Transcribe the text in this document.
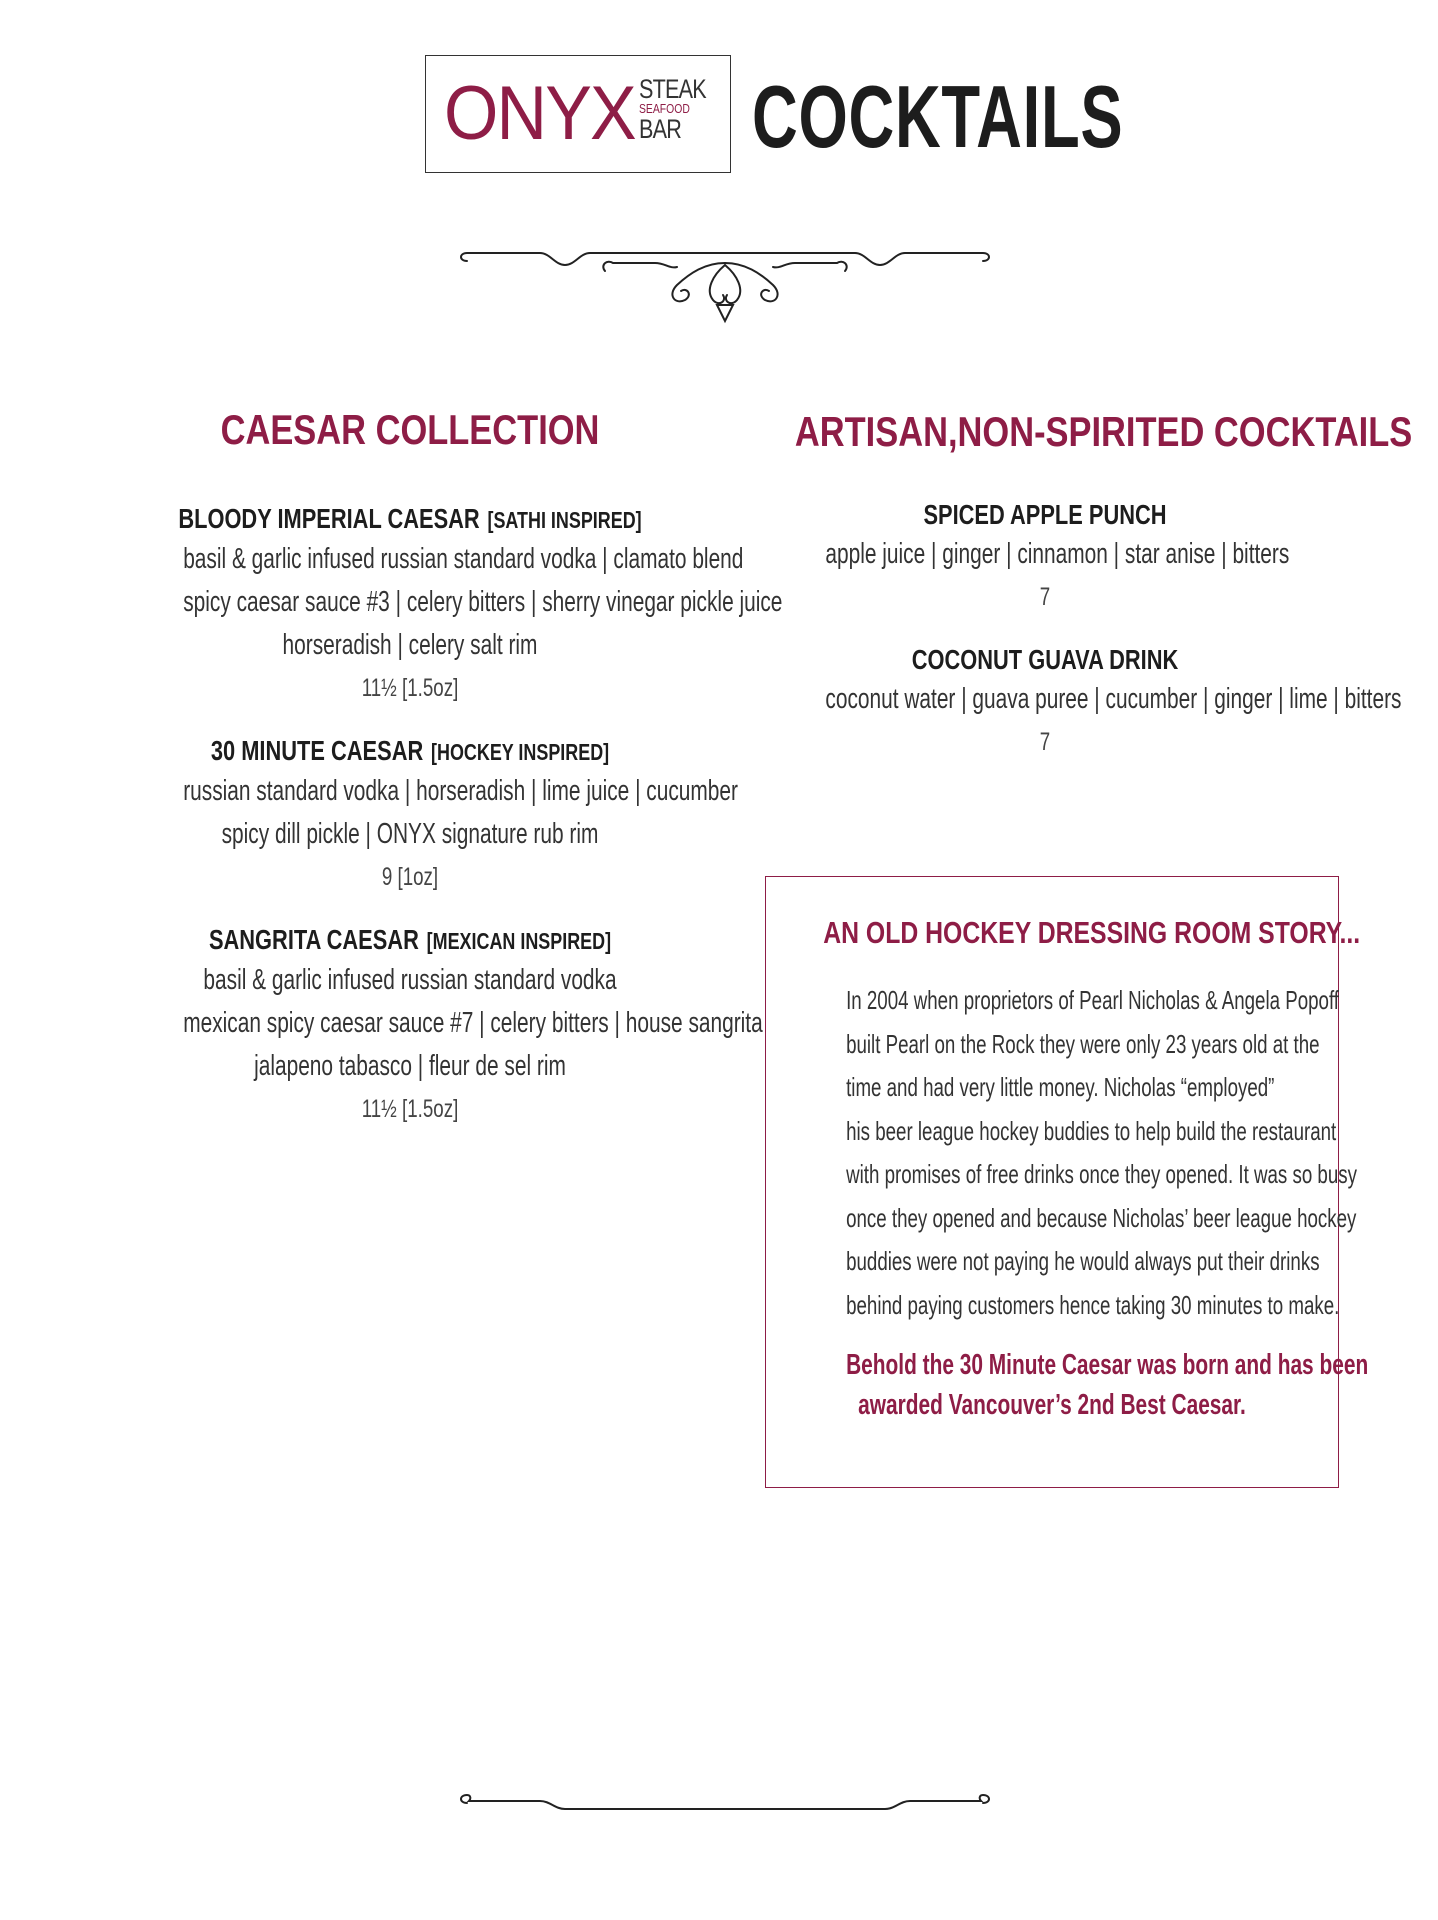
ONYX STEAK
SEAFOOD
BAR COCKTAILS
CAESAR COLLECTION
BLOODY IMPERIAL CAESAR [SATHI INSPIRED]
basil & garlic infused russian standard vodka | clamato blend
spicy caesar sauce #3 | celery bitters | sherry vinegar pickle juice
horseradish | celery salt rim
11½ [1.5oz]
30 MINUTE CAESAR [HOCKEY INSPIRED]
russian standard vodka | horseradish | lime juice | cucumber
spicy dill pickle | ONYX signature rub rim
9 [1oz]
SANGRITA CAESAR [MEXICAN INSPIRED]
basil & garlic infused russian standard vodka
mexican spicy caesar sauce #7 | celery bitters | house sangrita
jalapeno tabasco | fleur de sel rim
11½ [1.5oz]
ARTISAN,NON-SPIRITED COCKTAILS
SPICED APPLE PUNCH
apple juice | ginger | cinnamon | star anise | bitters
7
COCONUT GUAVA DRINK
coconut water | guava puree | cucumber | ginger | lime | bitters
7
AN OLD HOCKEY DRESSING ROOM STORY...
In 2004 when proprietors of Pearl Nicholas & Angela Popoff
built Pearl on the Rock they were only 23 years old at the
time and had very little money. Nicholas “employed”
his beer league hockey buddies to help build the restaurant
with promises of free drinks once they opened. It was so busy
once they opened and because Nicholas’ beer league hockey
buddies were not paying he would always put their drinks
behind paying customers hence taking 30 minutes to make.
Behold the 30 Minute Caesar was born and has been
awarded Vancouver’s 2nd Best Caesar.
